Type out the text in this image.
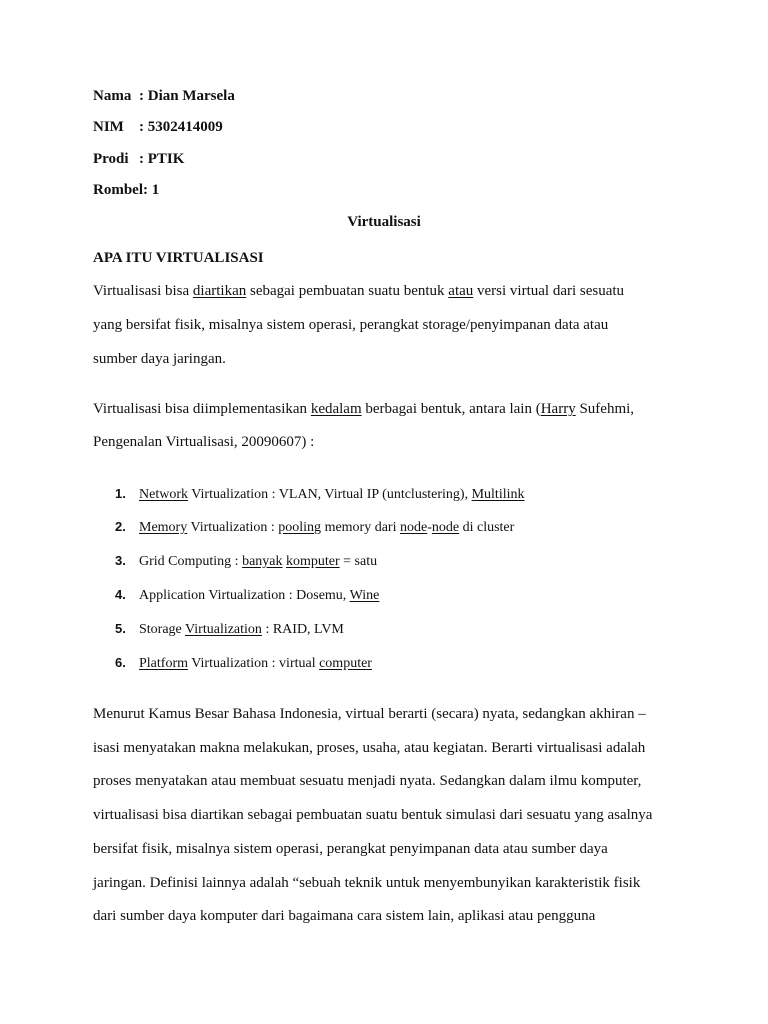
Nama : Dian Marsela
NIM : 5302414009
Prodi : PTIK
Rombel: 1
Virtualisasi
APA ITU VIRTUALISASI
Virtualisasi bisa diartikan sebagai pembuatan suatu bentuk atau versi virtual dari sesuatu
yang bersifat fisik, misalnya sistem operasi, perangkat storage/penyimpanan data atau
sumber daya jaringan.
Virtualisasi bisa diimplementasikan kedalam berbagai bentuk, antara lain (Harry Sufehmi,
Pengenalan Virtualisasi, 20090607) :
1. Network Virtualization : VLAN, Virtual IP (untclustering), Multilink
2. Memory Virtualization : pooling memory dari node-node di cluster
3. Grid Computing : banyak komputer = satu
4. Application Virtualization : Dosemu, Wine
5. Storage Virtualization : RAID, LVM
6. Platform Virtualization : virtual computer
Menurut Kamus Besar Bahasa Indonesia, virtual berarti (secara) nyata, sedangkan akhiran –
isasi menyatakan makna melakukan, proses, usaha, atau kegiatan. Berarti virtualisasi adalah
proses menyatakan atau membuat sesuatu menjadi nyata. Sedangkan dalam ilmu komputer,
virtualisasi bisa diartikan sebagai pembuatan suatu bentuk simulasi dari sesuatu yang asalnya
bersifat fisik, misalnya sistem operasi, perangkat penyimpanan data atau sumber daya
jaringan. Definisi lainnya adalah “sebuah teknik untuk menyembunyikan karakteristik fisik
dari sumber daya komputer dari bagaimana cara sistem lain, aplikasi atau pengguna
